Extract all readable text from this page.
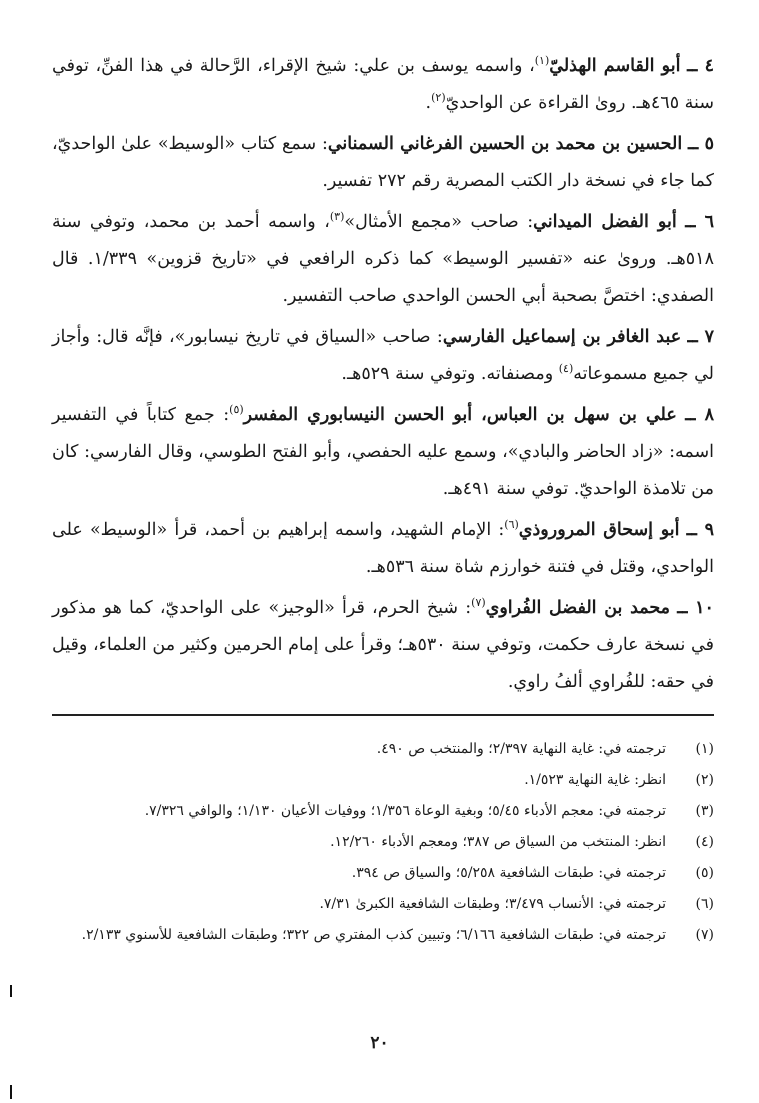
٤ ــ أبو القاسم الهذليّ$^{(١)}$، واسمه يوسف بن علي: شيخ الإقراء، الرَّحالة في هذا الفنِّ، توفي سنة ٤٦٥هـ. رویٰ القراءة عن الواحديّ$^{(٢)}$.

٥ ــ الحسين بن محمد بن الحسين الفرغاني السمناني: سمع كتاب «الوسيط» علىٰ الواحديّ، كما جاء في نسخة دار الكتب المصرية رقم ٢٧٢ تفسير.

٦ ــ أبو الفضل الميداني: صاحب «مجمع الأمثال»$^{(٣)}$، واسمه أحمد بن محمد، وتوفي سنة ٥١٨هـ. ورویٰ عنه «تفسير الوسيط» كما ذكره الرافعي في «تاريخ قزوين» ١/٣٣٩. قال الصفدي: اختصَّ بصحبة أبي الحسن الواحدي صاحب التفسير.

٧ ــ عبد الغافر بن إسماعيل الفارسي: صاحب «السياق في تاريخ نيسابور»، فإنَّه قال: وأجاز لي جميع مسموعاته$^{(٤)}$ ومصنفاته. وتوفي سنة ٥٢٩هـ.

٨ ــ علي بن سهل بن العباس، أبو الحسن النيسابوري المفسر$^{(٥)}$: جمع كتاباً في التفسير اسمه: «زاد الحاضر والبادي»، وسمع عليه الحفصي، وأبو الفتح الطوسي، وقال الفارسي: كان من تلامذة الواحديّ. توفي سنة ٤٩١هـ.

٩ ــ أبو إسحاق المروروذي$^{(٦)}$: الإمام الشهيد، واسمه إبراهيم بن أحمد، قرأ «الوسيط» على الواحدي، وقتل في فتنة خوارزم شاة سنة ٥٣٦هـ.

١٠ ــ محمد بن الفضل الفُراوي$^{(٧)}$: شيخ الحرم، قرأ «الوجيز» على الواحديّ، كما هو مذكور في نسخة عارف حكمت، وتوفي سنة ٥٣٠هـ؛ وقرأ على إمام الحرمين وكثير من العلماء، وقيل في حقه: للفُراوي ألفُ راوي.

(١)
ترجمته في: غاية النهاية ٢/٣٩٧؛ والمنتخب ص ٤٩٠.
(٢)
انظر: غاية النهاية ١/٥٢٣.
(٣)
ترجمته في: معجم الأدباء ٥/٤٥؛ وبغية الوعاة ١/٣٥٦؛ ووفيات الأعيان ١/١٣٠؛ والوافي ٧/٣٢٦.
(٤)
انظر: المنتخب من السياق ص ٣٨٧؛ ومعجم الأدباء ١٢/٢٦٠.
(٥)
ترجمته في: طبقات الشافعية ٥/٢٥٨؛ والسياق ص ٣٩٤.
(٦)
ترجمته في: الأنساب ٣/٤٧٩؛ وطبقات الشافعية الكبرىٰ ٧/٣١.
(٧)
ترجمته في: طبقات الشافعية ٦/١٦٦؛ وتبيين كذب المفتري ص ٣٢٢؛ وطبقات الشافعية للأسنوي ٢/١٣٣.
٢٠
